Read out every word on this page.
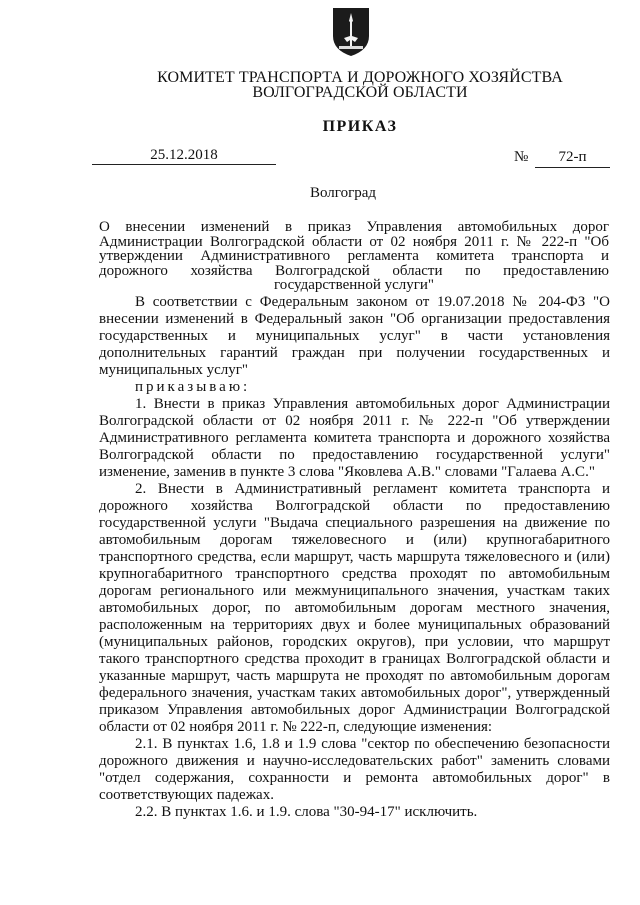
КОМИТЕТ ТРАНСПОРТА И ДОРОЖНОГО ХОЗЯЙСТВА
ВОЛГОГРАДСКОЙ ОБЛАСТИ
ПРИКАЗ
25.12.2018	№	72-п
Волгоград
О внесении изменений в приказ Управления автомобильных дорог Администрации Волгоградской области от 02 ноября 2011 г. № 222-п "Об утверждении Административного регламента комитета транспорта и дорожного хозяйства Волгоградской области по предоставлению государственной услуги"

В соответствии с Федеральным законом от 19.07.2018 № 204-ФЗ "О внесении изменений в Федеральный закон "Об организации предоставления государственных и муниципальных услуг" в части установления дополнительных гарантий граждан при получении государственных и муниципальных услуг"

приказываю:

1. Внести в приказ Управления автомобильных дорог Администрации Волгоградской области от 02 ноября 2011 г. № 222-п "Об утверждении Административного регламента комитета транспорта и дорожного хозяйства Волгоградской области по предоставлению государственной услуги" изменение, заменив в пункте 3 слова "Яковлева А.В." словами "Галаева А.С."

2. Внести в Административный регламент комитета транспорта и дорожного хозяйства Волгоградской области по предоставлению государственной услуги "Выдача специального разрешения на движение по автомобильным дорогам тяжеловесного и (или) крупногабаритного транспортного средства, если маршрут, часть маршрута тяжеловесного и (или) крупногабаритного транспортного средства проходят по автомобильным дорогам регионального или межмуниципального значения, участкам таких автомобильных дорог, по автомобильным дорогам местного значения, расположенным на территориях двух и более муниципальных образований (муниципальных районов, городских округов), при условии, что маршрут такого транспортного средства проходит в границах Волгоградской области и указанные маршрут, часть маршрута не проходят по автомобильным дорогам федерального значения, участкам таких автомобильных дорог", утвержденный приказом Управления автомобильных дорог Администрации Волгоградской области от 02 ноября 2011 г. № 222-п, следующие изменения:

2.1. В пунктах 1.6, 1.8 и 1.9 слова "сектор по обеспечению безопасности дорожного движения и научно-исследовательских работ" заменить словами "отдел содержания, сохранности и ремонта автомобильных дорог" в соответствующих падежах.

2.2. В пунктах 1.6. и 1.9. слова "30-94-17" исключить.
